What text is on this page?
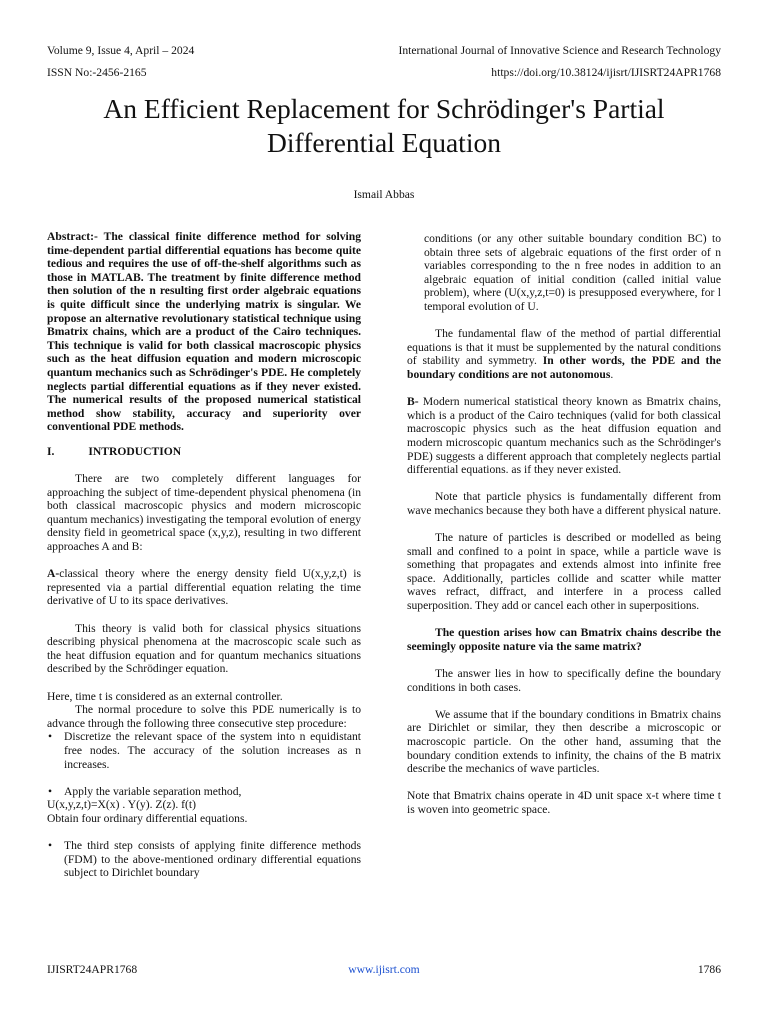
Volume 9, Issue 4, April – 2024	International Journal of Innovative Science and Research Technology
ISSN No:-2456-2165	https://doi.org/10.38124/ijisrt/IJISRT24APR1768
An Efficient Replacement for Schrödinger's Partial
Differential Equation
Ismail Abbas

Abstract:- The classical finite difference method for solving time-dependent partial differential equations has become quite tedious and requires the use of off-the-shelf algorithms such as those in MATLAB. The treatment by finite difference method then solution of the n resulting first order algebraic equations is quite difficult since the underlying matrix is singular. We propose an alternative revolutionary statistical technique using Bmatrix chains, which are a product of the Cairo techniques. This technique is valid for both classical macroscopic physics such as the heat diffusion equation and modern microscopic quantum mechanics such as Schrödinger's PDE. He completely neglects partial differential equations as if they never existed. The numerical results of the proposed numerical statistical method show stability, accuracy and superiority over conventional PDE methods.

I.	INTRODUCTION

There are two completely different languages for approaching the subject of time-dependent physical phenomena (in both classical macroscopic physics and modern microscopic quantum mechanics) investigating the temporal evolution of energy density field in geometrical space (x,y,z), resulting in two different approaches A and B:

A-classical theory where the energy density field U(x,y,z,t) is represented via a partial differential equation relating the time derivative of U to its space derivatives.

This theory is valid both for classical physics situations describing physical phenomena at the macroscopic scale such as the heat diffusion equation and for quantum mechanics situations described by the Schrödinger equation.

Here, time t is considered as an external controller.

The normal procedure to solve this PDE numerically is to advance through the following three consecutive step procedure:

• Discretize the relevant space of the system into n equidistant free nodes. The accuracy of the solution increases as n increases.
• Apply the variable separation method,

U(x,y,z,t)=X(x) . Y(y). Z(z). f(t)

Obtain four ordinary differential equations.

• The third step consists of applying finite difference methods (FDM) to the above-mentioned ordinary differential equations subject to Dirichlet boundary

conditions (or any other suitable boundary condition BC) to obtain three sets of algebraic equations of the first order of n variables corresponding to the n free nodes in addition to an algebraic equation of initial condition (called initial value problem), where (U(x,y,z,t=0) is presupposed everywhere, for l temporal evolution of U.

The fundamental flaw of the method of partial differential equations is that it must be supplemented by the natural conditions of stability and symmetry. In other words, the PDE and the boundary conditions are not autonomous.

B- Modern numerical statistical theory known as Bmatrix chains, which is a product of the Cairo techniques (valid for both classical macroscopic physics such as the heat diffusion equation and modern microscopic quantum mechanics such as the Schrödinger's PDE) suggests a different approach that completely neglects partial differential equations. as if they never existed.

Note that particle physics is fundamentally different from wave mechanics because they both have a different physical nature.

The nature of particles is described or modelled as being small and confined to a point in space, while a particle wave is something that propagates and extends almost into infinite free space. Additionally, particles collide and scatter while matter waves refract, diffract, and interfere in a process called superposition. They add or cancel each other in superpositions.

The question arises how can Bmatrix chains describe the seemingly opposite nature via the same matrix?

The answer lies in how to specifically define the boundary conditions in both cases.

We assume that if the boundary conditions in Bmatrix chains are Dirichlet or similar, they then describe a microscopic or macroscopic particle. On the other hand, assuming that the boundary condition extends to infinity, the chains of the B matrix describe the mechanics of wave particles.

Note that Bmatrix chains operate in 4D unit space x-t where time t is woven into geometric space.

IJISRT24APR1768	www.ijisrt.com	1786
